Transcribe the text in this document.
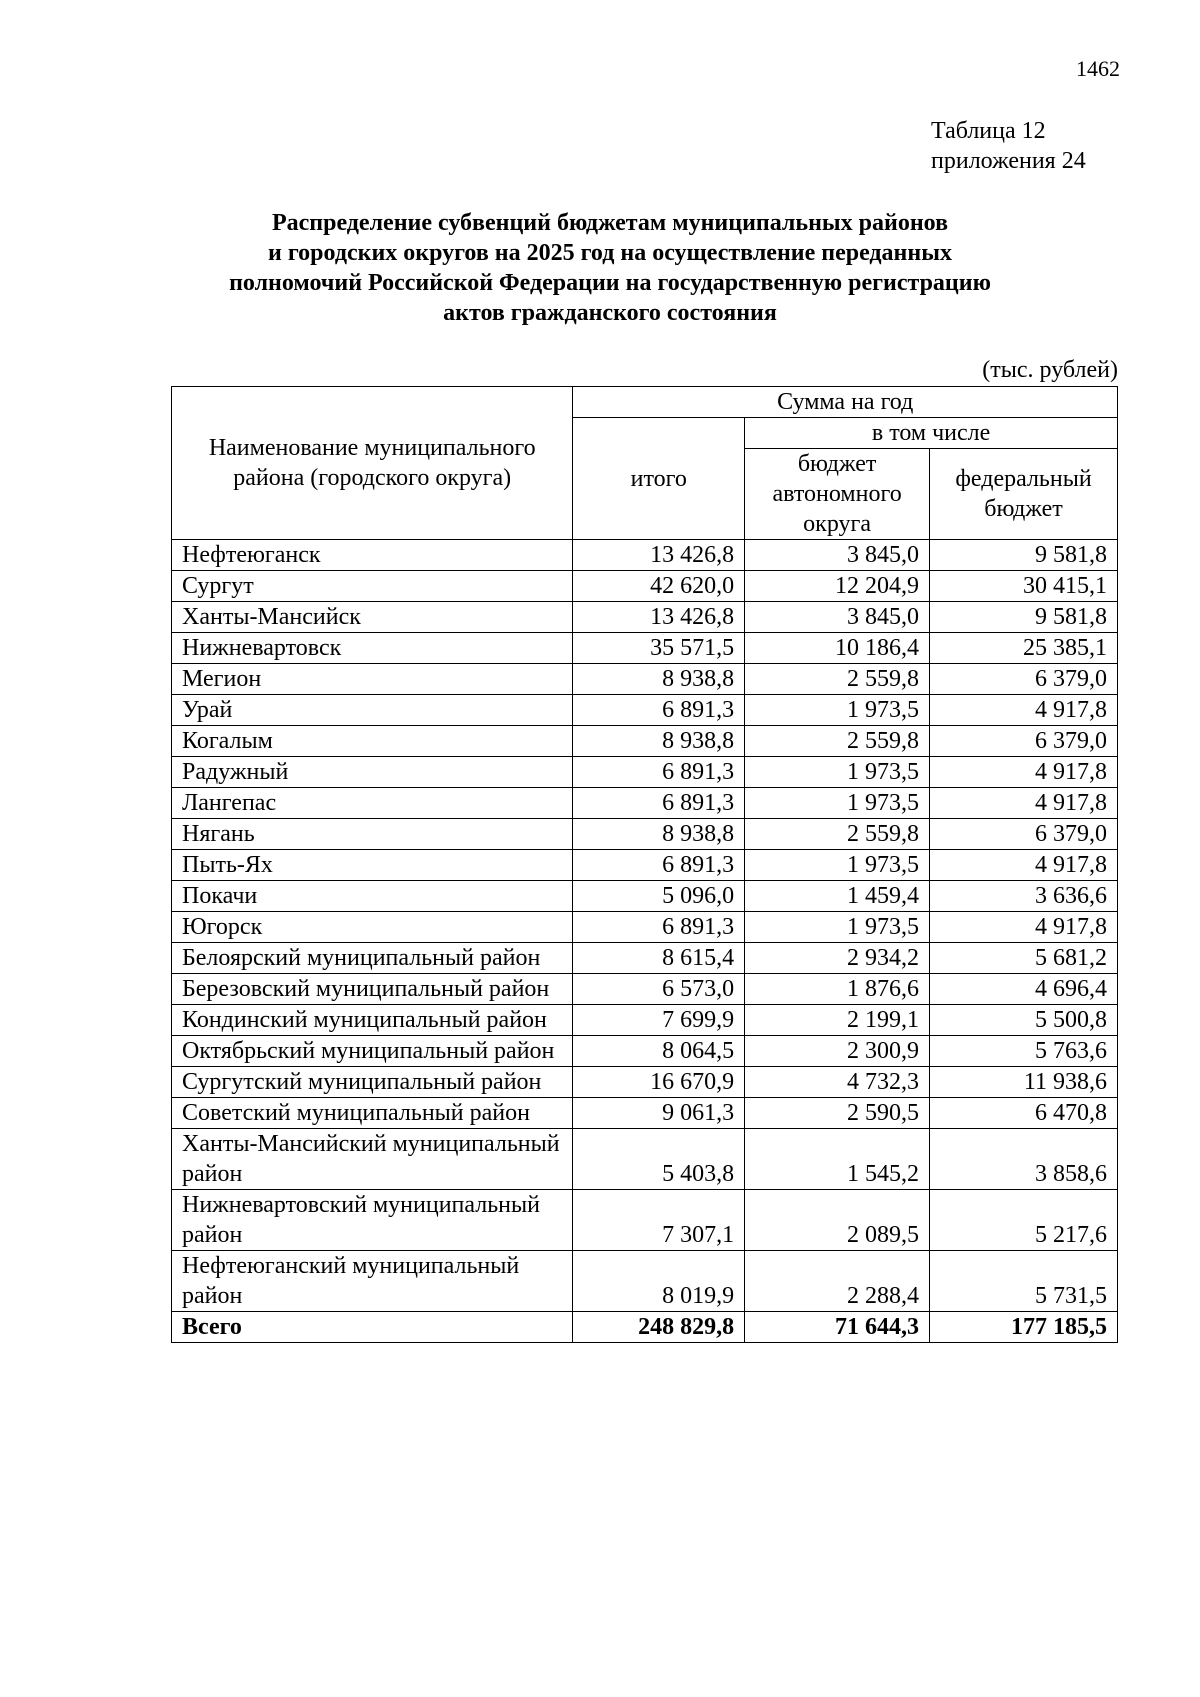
1462
Таблица 12
приложения 24
Распределение субвенций бюджетам муниципальных районов
и городских округов на 2025 год на осуществление переданных
полномочий Российской Федерации на государственную регистрацию
актов гражданского состояния
(тыс. рублей)
Наименование муниципального района (городского округа)	Сумма на год		
	итого	в том числе	
		бюджет автономного округа	федеральный бюджет
Нефтеюганск	13 426,8	3 845,0	9 581,8
Сургут	42 620,0	12 204,9	30 415,1
Ханты-Мансийск	13 426,8	3 845,0	9 581,8
Нижневартовск	35 571,5	10 186,4	25 385,1
Мегион	8 938,8	2 559,8	6 379,0
Урай	6 891,3	1 973,5	4 917,8
Когалым	8 938,8	2 559,8	6 379,0
Радужный	6 891,3	1 973,5	4 917,8
Лангепас	6 891,3	1 973,5	4 917,8
Нягань	8 938,8	2 559,8	6 379,0
Пыть-Ях	6 891,3	1 973,5	4 917,8
Покачи	5 096,0	1 459,4	3 636,6
Югорск	6 891,3	1 973,5	4 917,8
Белоярский муниципальный район	8 615,4	2 934,2	5 681,2
Березовский муниципальный район	6 573,0	1 876,6	4 696,4
Кондинский муниципальный район	7 699,9	2 199,1	5 500,8
Октябрьский муниципальный район	8 064,5	2 300,9	5 763,6
Сургутский муниципальный район	16 670,9	4 732,3	11 938,6
Советский муниципальный район	9 061,3	2 590,5	6 470,8
Ханты-Мансийский муниципальный район	5 403,8	1 545,2	3 858,6
Нижневартовский муниципальный район	7 307,1	2 089,5	5 217,6
Нефтеюганский муниципальный район	8 019,9	2 288,4	5 731,5
Всего	248 829,8	71 644,3	177 185,5
